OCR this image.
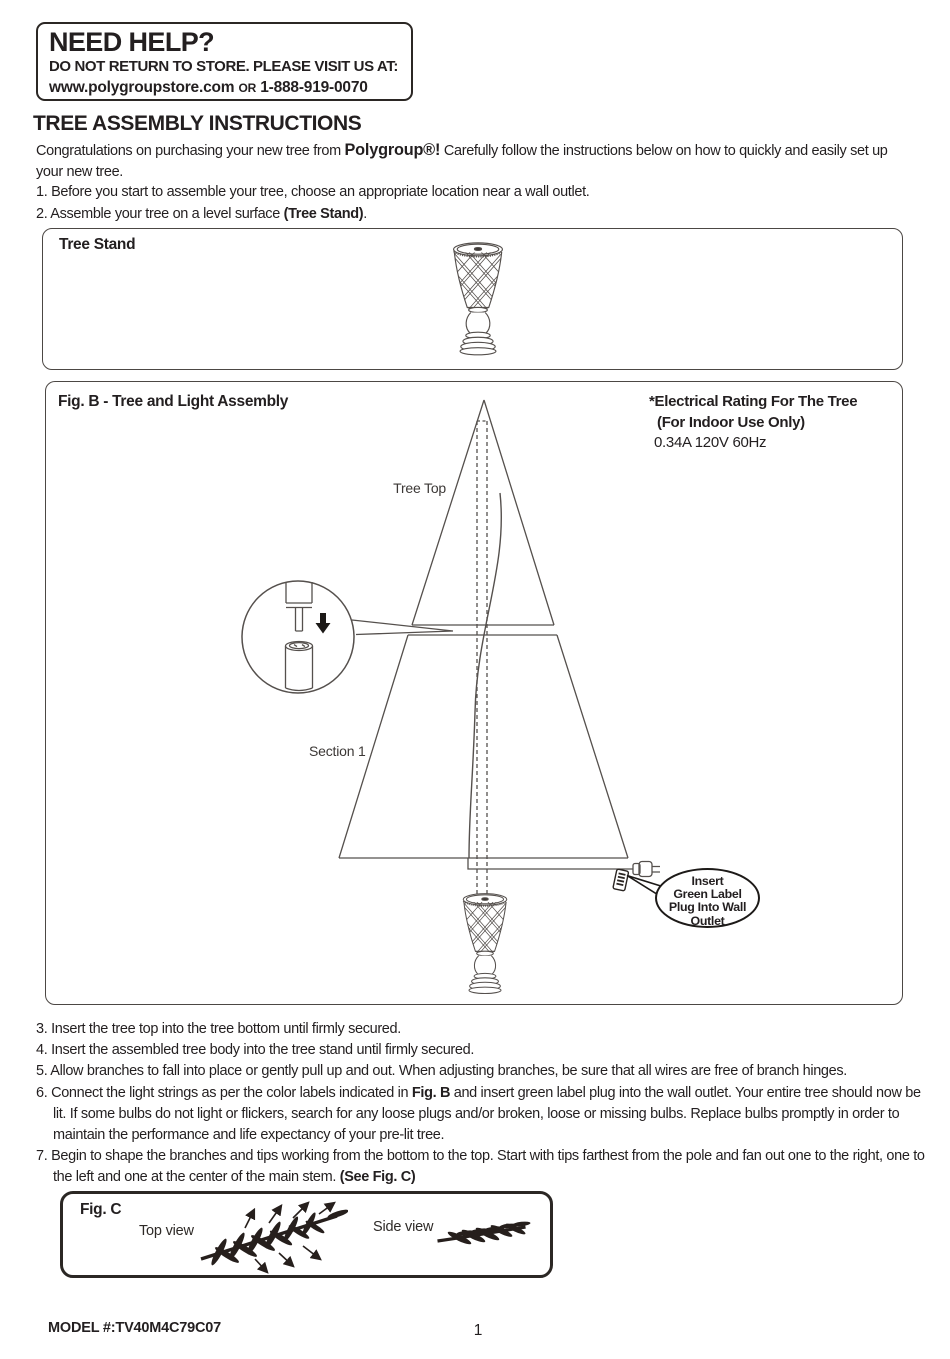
NEED HELP?
DO NOT RETURN TO STORE. PLEASE VISIT US AT:
www.polygroupstore.com OR 1-888-919-0070
TREE ASSEMBLY INSTRUCTIONS
Congratulations on purchasing your new tree from Polygroup®! Carefully follow the instructions below on how to quickly and easily set up your new tree.
1. Before you start to assemble your tree, choose an appropriate location near a wall outlet.
2. Assemble your tree on a level surface (Tree Stand).
Tree Stand
Fig. B - Tree and Light Assembly	*Electrical Rating For The Tree
(For Indoor Use Only)
0.34A 120V 60Hz
Tree Top
Section 1
Insert
Green Label
Plug Into Wall
Outlet
3. Insert the tree top into the tree bottom until firmly secured.
4. Insert the assembled tree body into the tree stand until firmly secured.
5. Allow branches to fall into place or gently pull up and out. When adjusting branches, be sure that all wires are free of branch hinges.
6. Connect the light strings as per the color labels indicated in Fig. B and insert green label plug into the wall outlet. Your entire tree should now be lit. If some bulbs do not light or flickers, search for any loose plugs and/or broken, loose or missing bulbs. Replace bulbs promptly in order to maintain the performance and life expectancy of your pre-lit tree.
7. Begin to shape the branches and tips working from the bottom to the top. Start with tips farthest from the pole and fan out one to the right, one to the left and one at the center of the main stem. (See Fig. C)
Fig. C
Top view	Side view
MODEL #:TV40M4C79C07	1
